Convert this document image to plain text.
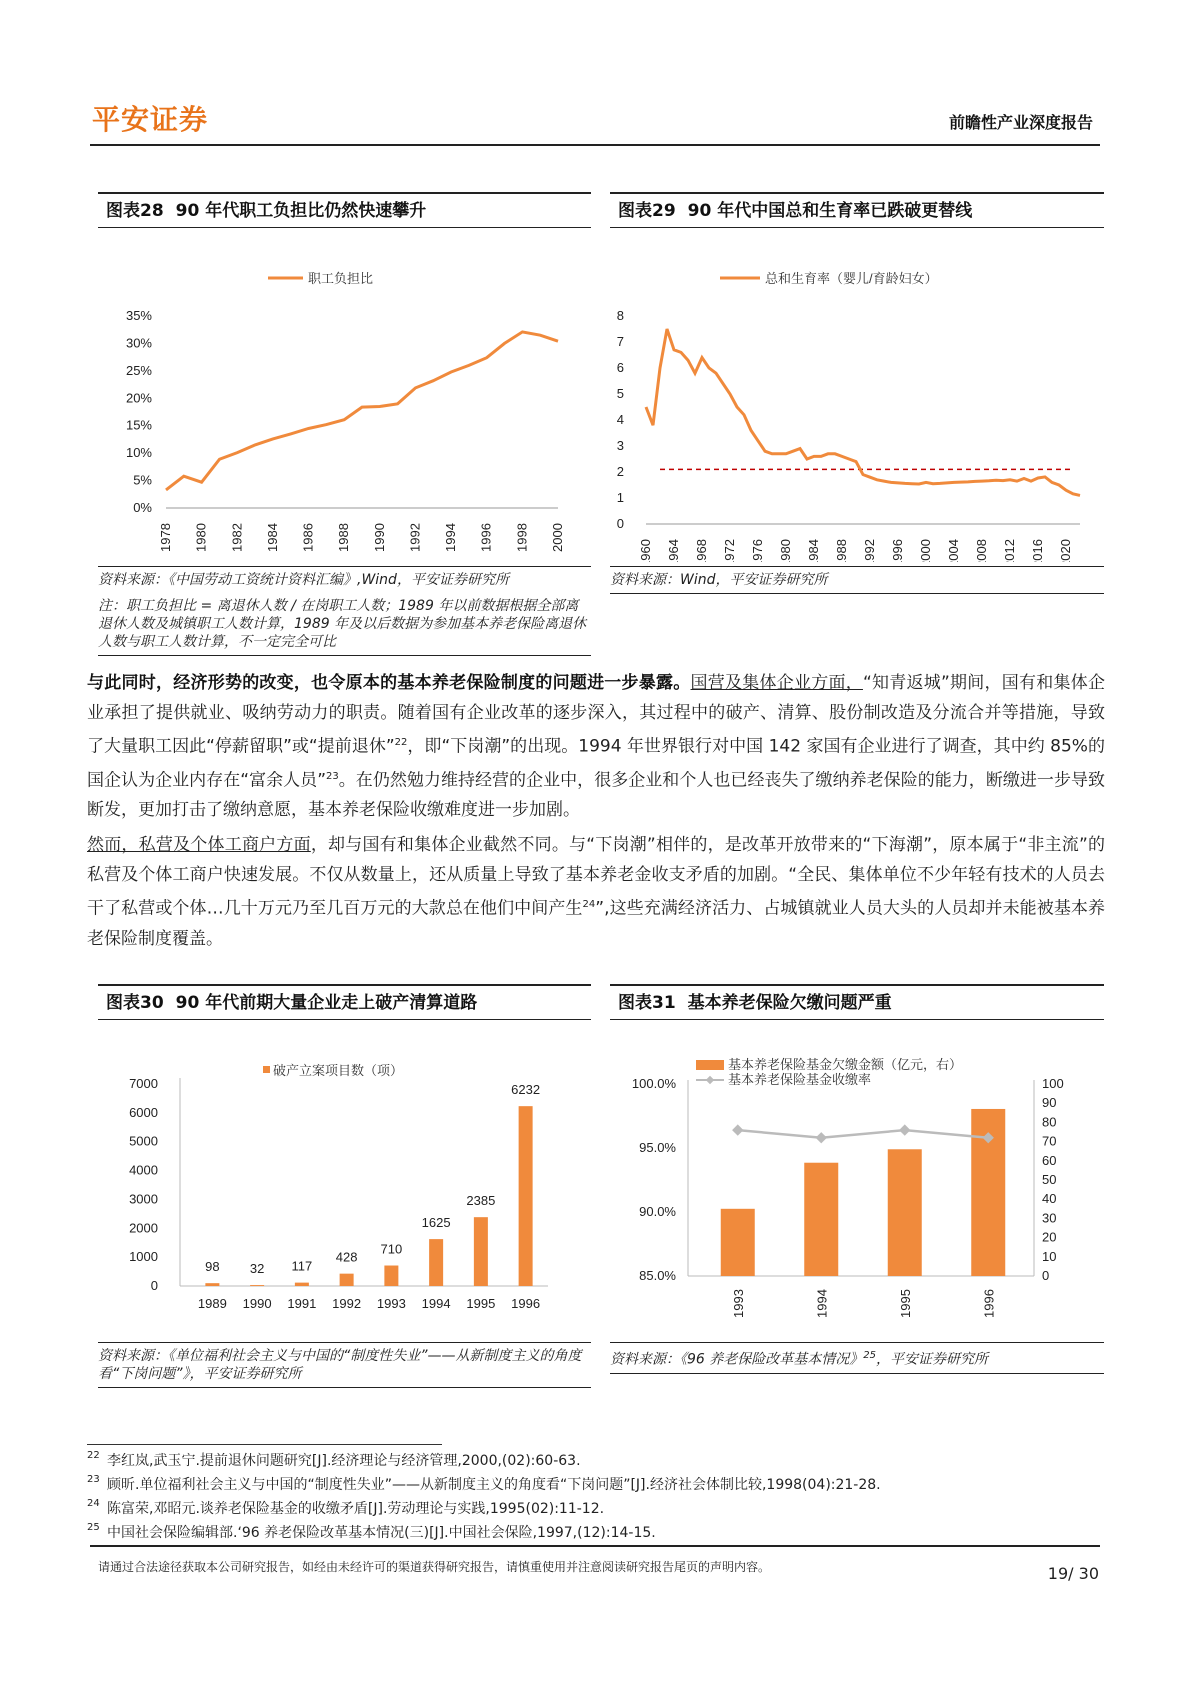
平安证券	前瞻性产业深度报告
图表28 90 年代职工负担比仍然快速攀升
职工负担比
0%
5%
10%
15%
20%
25%
30%
35%
1978 1980 1982 1984 1986 1988 1990 1992 1994 1996 1998 2000
资料来源：《中国劳动工资统计资料汇编》,Wind，平安证券研究所
注：职工负担比 = 离退休人数 / 在岗职工人数；1989 年以前数据根据全部离退休人数及城镇职工人数计算，1989 年及以后数据为参加基本养老保险离退休人数与职工人数计算，不一定完全可比
图表29 90 年代中国总和生育率已跌破更替线
总和生育率（婴儿/育龄妇女）
0
1
2
3
4
5
6
7
8
1960 1964 1968 1972 1976 1980 1984 1988 1992 1996 2000 2004 2008 2012 2016 2020
资料来源：Wind，平安证券研究所
与此同时，经济形势的改变，也令原本的基本养老保险制度的问题进一步暴露。国营及集体企业方面，“知青返城”期间，国有和集体企业承担了提供就业、吸纳劳动力的职责。随着国有企业改革的逐步深入，其过程中的破产、清算、股份制改造及分流合并等措施，导致了大量职工因此“停薪留职”或“提前退休”$^{22}$，即“下岗潮”的出现。1994 年世界银行对中国 142 家国有企业进行了调查，其中约 85%的国企认为企业内存在“富余人员”$^{23}$。在仍然勉力维持经营的企业中，很多企业和个人也已经丧失了缴纳养老保险的能力，断缴进一步导致断发，更加打击了缴纳意愿，基本养老保险收缴难度进一步加剧。
然而，私营及个体工商户方面，却与国有和集体企业截然不同。与“下岗潮”相伴的，是改革开放带来的“下海潮”，原本属于“非主流”的私营及个体工商户快速发展。不仅从数量上，还从质量上导致了基本养老金收支矛盾的加剧。“全民、集体单位不少年轻有技术的人员去干了私营或个体…几十万元乃至几百万元的大款总在他们中间产生$^{24}$”,这些充满经济活力、占城镇就业人员大头的人员却并未能被基本养老保险制度覆盖。
图表30 90 年代前期大量企业走上破产清算道路
破产立案项目数（项）
0
1000
2000
3000
4000
5000
6000
7000
98
1989
32
1990
117
1991
428
1992
710
1993
1625
1994
2385
1995
6232
1996
资料来源：《单位福利社会主义与中国的“制度性失业”——从新制度主义的角度看“下岗问题”》，平安证券研究所
图表31 基本养老保险欠缴问题严重
基本养老保险基金欠缴金额（亿元，右）
基本养老保险基金收缴率
85.0%
90.0%
95.0%
100.0%
0
10
20
30
40
50
60
70
80
90
100
1993	1994	1995	1996
资料来源：《96 养老保险改革基本情况》$^{25}$，平安证券研究所
22 李红岚,武玉宁.提前退休问题研究[J].经济理论与经济管理,2000,(02):60-63.
23 顾昕.单位福利社会主义与中国的“制度性失业”——从新制度主义的角度看“下岗问题”[J].经济社会体制比较,1998(04):21-28.
24 陈富荣,邓昭元.谈养老保险基金的收缴矛盾[J].劳动理论与实践,1995(02):11-12.
25 中国社会保险编辑部.‘96 养老保险改革基本情况(三)[J].中国社会保险,1997,(12):14-15.
请通过合法途径获取本公司研究报告，如经由未经许可的渠道获得研究报告，请慎重使用并注意阅读研究报告尾页的声明内容。	19/ 30
